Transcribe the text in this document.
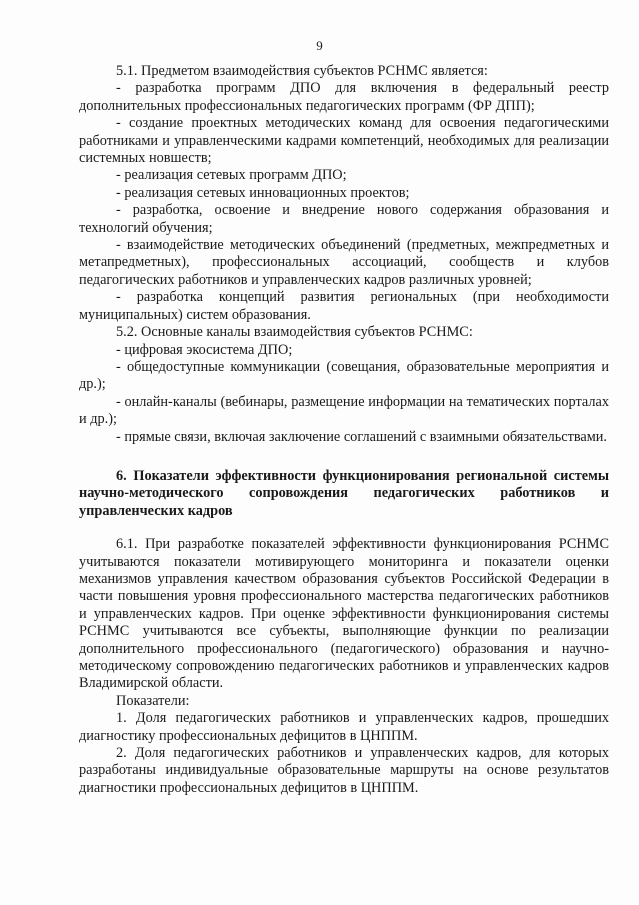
9

5.1. Предметом взаимодействия субъектов РСНМС является:

- разработка программ ДПО для включения в федеральный реестр дополнительных профессиональных педагогических программ (ФР ДПП);

- создание проектных методических команд для освоения педагогическими работниками и управленческими кадрами компетенций, необходимых для реализации системных новшеств;

- реализация сетевых программ ДПО;

- реализация сетевых инновационных проектов;

- разработка, освоение и внедрение нового содержания образования и технологий обучения;

- взаимодействие методических объединений (предметных, межпредметных и метапредметных), профессиональных ассоциаций, сообществ и клубов педагогических работников и управленческих кадров различных уровней;

- разработка концепций развития региональных (при необходимости муниципальных) систем образования.

5.2. Основные каналы взаимодействия субъектов РСНМС:

- цифровая экосистема ДПО;

- общедоступные коммуникации (совещания, образовательные мероприятия и др.);

- онлайн-каналы (вебинары, размещение информации на тематических порталах и др.);

- прямые связи, включая заключение соглашений с взаимными обязательствами.

6. Показатели эффективности функционирования региональной системы научно-методического сопровождения педагогических работников и управленческих кадров

6.1. При разработке показателей эффективности функционирования РСНМС учитываются показатели мотивирующего мониторинга и показатели оценки механизмов управления качеством образования субъектов Российской Федерации в части повышения уровня профессионального мастерства педагогических работников и управленческих кадров. При оценке эффективности функционирования системы РСНМС учитываются все субъекты, выполняющие функции по реализации дополнительного профессионального (педагогического) образования и научно-методическому сопровождению педагогических работников и управленческих кадров Владимирской области.

Показатели:

1. Доля педагогических работников и управленческих кадров, прошедших диагностику профессиональных дефицитов в ЦНППМ.

2. Доля педагогических работников и управленческих кадров, для которых разработаны индивидуальные образовательные маршруты на основе результатов диагностики профессиональных дефицитов в ЦНППМ.
